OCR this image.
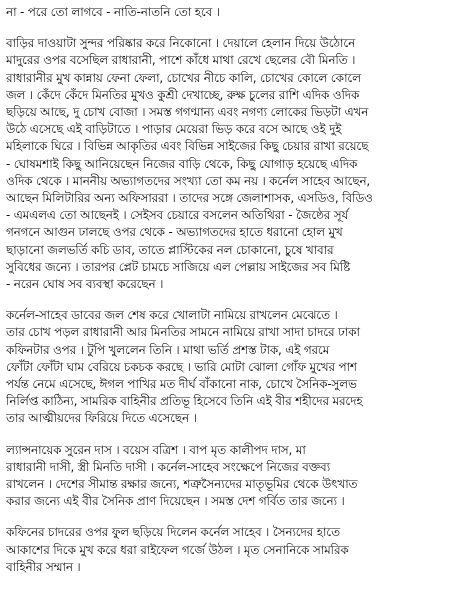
না - পরে তো লাগবে - নাতি-নাতনি তো হবে ।
বাড়ির দাওয়াটা সুন্দর পরিষ্কার করে নিকোনো । দেয়ালে হেলান দিয়ে উঠোনে
মাদুরের ওপর বসেছিল রাধারানী, পাশে কাঁধে মাথা রেখে ছেলের বৌ মিনতি ।
রাধারানীর মুখ কান্নায় ফেনা ফেলা, চোখের নীচে কালি, চোখের কোলে কোলে
জল । কেঁদে কেঁদে মিনতির মুখও কুশ্রী দেখাচ্ছে, রুক্ষ চুলের রাশি এদিক ওদিক
ছড়িয়ে আছে, দু চোখ বোজা । সমস্ত গগণ্মান্য এবং নগণ্য লোকের ভিড়টা এখন
উঠে এসেছে এই বাড়িটাতে । পাড়ার মেয়েরা ভিড় করে বসে আছে ওই দুই
মহিলাকে ঘিরে । বিভিন্ন আকৃতির এবং বিভিন্ন সাইজের কিছু চেয়ার রাখা রয়েছে
- ঘোষমশাই কিছু আনিয়েছেন নিজের বাড়ি থেকে, কিছু যোগাড় হয়েছে এদিক
ওদিক থেকে । মাননীয় অভ্যাগতদের সংখ্যা তো কম নয় । কর্নেল সাহেব আছেন,
আছেন মিলিটারির অন্য অফিসাররা । তাদের সঙ্গে জেলাশাসক, এসডিও, বিডিও
- এমএলএ তো আছেনই । সেইসব চেয়ারে বসলেন অতিথিরা - জৈষ্ঠের সূর্য
গনগনে আগুন ঢালছে ওপর থেকে - অভ্যাগতদের হাতে ধরানো হোল মুখ
ছাড়ানো জলভর্তি কচি ডাব, তাতে প্লাস্টিকের নল চোকানো, চুষে খাবার
সুবিধের জন্যে । তারপর প্লেট চামচে সাজিয়ে এল পেল্লায় সাইজের সব মিষ্টি
- নরেন ঘোষ সব ব্যবস্থা করেছেন ।
কর্নেল-সাহেব ডাবের জল শেষ করে খোলাটা নামিয়ে রাখলেন মেঝেতে ।
তার চোখ পড়ল রাধারানী আর মিনতির সামনে নামিয়ে রাখা সাদা চাদরে ঢাকা
কফিনটার ওপর । টুপি খুললেন তিনি । মাথা ভর্তি প্রশস্ত টাক, এই গরমে
ফোঁটা ফোঁটা ঘাম বেরিয়ে চকচক করছে । ভারি মোটা ঝোলা গোঁফ মুখের পাশ
পর্যন্ত নেমে এসেছে, ঈগল পাখির মত দীর্ঘ বাঁকানো নাক, চোখে সৈনিক-সুলভ
নির্লিপ্ত কাঠিন্য, সামরিক বাহিনীর প্রতিভূ হিসেবে তিনি এই বীর শহীদের মরদেহ
তার আত্মীয়দের ফিরিয়ে দিতে এসেছেন ।
ল্যান্সনায়েক সুরেন দাস । বয়েস বত্রিশ । বাপ মৃত কালীপদ দাস, মা
রাধারানী দাসী, স্ত্রী মিনতি দাসী । কর্নেল-সাহেব সংক্ষেপে নিজের বক্তব্য
রাখলেন । দেশের সীমান্ত রক্ষার জন্যে, শত্রুসৈন্যদের মাতৃভূমির থেকে উৎখাত
করার জন্যে এই বীর সৈনিক প্রাণ দিয়েছেন । সমস্ত দেশ গর্বিত তার জন্যে ।
কফিনের চাদরের ওপর ফুল ছড়িয়ে দিলেন কর্নেল সাহেব । সৈন্যদের হাতে
আকাশের দিকে মুখ করে ধরা রাইফেল গর্জে উঠল । মৃত সেনানিকে সামরিক
বাহিনীর সম্মান ।
